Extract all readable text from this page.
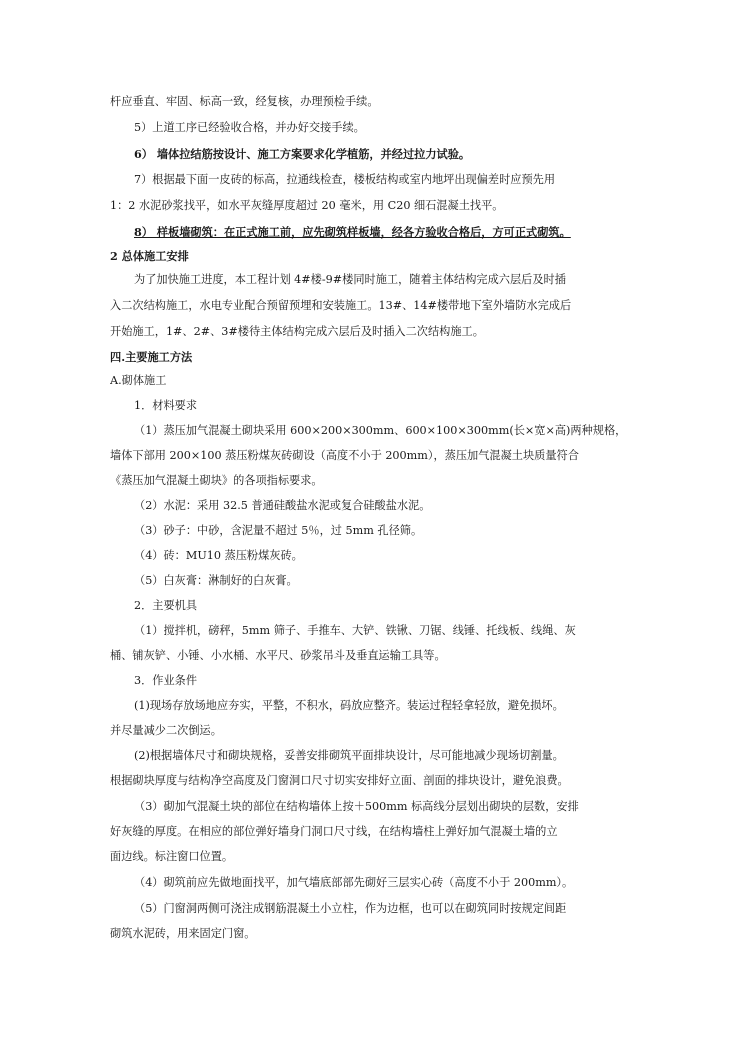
杆应垂直、牢固、标高一致，经复核，办理预检手续。
5）上道工序已经验收合格，并办好交接手续。
6） 墙体拉结筋按设计、施工方案要求化学植筋，并经过拉力试验。
7）根据最下面一皮砖的标高，拉通线检查，楼板结构或室内地坪出现偏差时应预先用
1：2 水泥砂浆找平，如水平灰缝厚度超过 20 毫米，用 C20 细石混凝土找平。
8） 样板墙砌筑：在正式施工前，应先砌筑样板墙，经各方验收合格后，方可正式砌筑。
2 总体施工安排
为了加快施工进度，本工程计划 4#楼-9#楼同时施工，随着主体结构完成六层后及时插
入二次结构施工，水电专业配合预留预埋和安装施工。13#、14#楼带地下室外墙防水完成后
开始施工，1#、2#、3#楼待主体结构完成六层后及时插入二次结构施工。
四.主要施工方法
A.砌体施工
1．材料要求
（1）蒸压加气混凝土砌块采用 600×200×300mm、600×100×300mm(长×宽×高)两种规格，
墙体下部用 200×100 蒸压粉煤灰砖砌设（高度不小于 200mm），蒸压加气混凝土块质量符合
《蒸压加气混凝土砌块》的各项指标要求。
（2）水泥：采用 32.5 普通硅酸盐水泥或复合硅酸盐水泥。
（3）砂子：中砂，含泥量不超过 5％，过 5mm 孔径筛。
（4）砖：MU10 蒸压粉煤灰砖。
（5）白灰膏：淋制好的白灰膏。
2．主要机具
（1）搅拌机，磅秤，5mm 筛子、手推车、大铲、铁锹、刀锯、线锤、托线板、线绳、灰
桶、铺灰铲、小锤、小水桶、水平尺、砂浆吊斗及垂直运输工具等。
3．作业条件
(1)现场存放场地应夯实，平整，不积水，码放应整齐。装运过程轻拿轻放，避免损坏。
并尽量减少二次倒运。
(2)根据墙体尺寸和砌块规格，妥善安排砌筑平面排块设计，尽可能地减少现场切割量。
根据砌块厚度与结构净空高度及门窗洞口尺寸切实安排好立面、剖面的排块设计，避免浪费。
（3）砌加气混凝土块的部位在结构墙体上按＋500mm 标高线分层划出砌块的层数，安排
好灰缝的厚度。在相应的部位弹好墙身门洞口尺寸线，在结构墙柱上弹好加气混凝土墙的立
面边线。标注窗口位置。
（4）砌筑前应先做地面找平，加气墙底部部先砌好三层实心砖（高度不小于 200mm）。
（5）门窗洞两侧可浇注成钢筋混凝土小立柱，作为边框，也可以在砌筑同时按规定间距
砌筑水泥砖，用来固定门窗。
